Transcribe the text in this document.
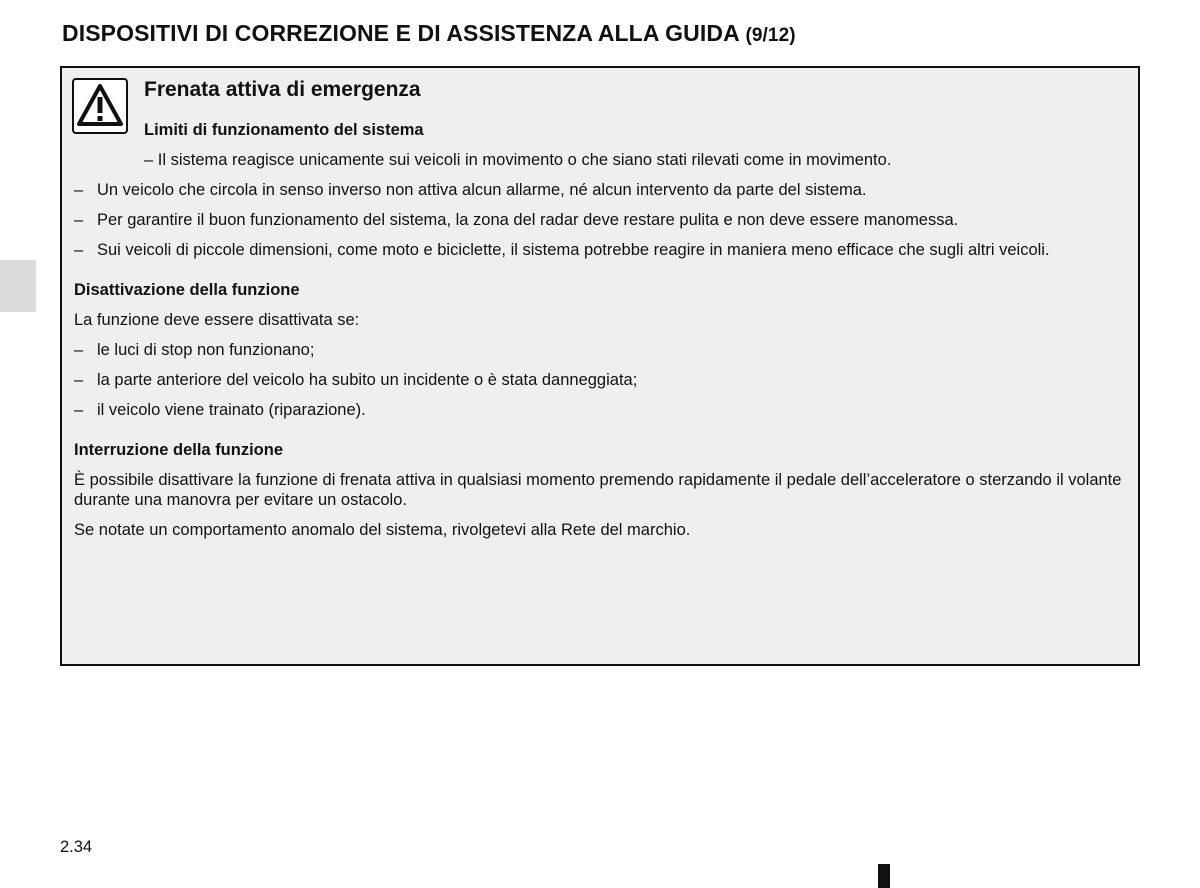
DISPOSITIVI DI CORREZIONE E DI ASSISTENZA ALLA GUIDA (9/12)
Frenata attiva di emergenza
Limiti di funzionamento del sistema

– Il sistema reagisce unicamente sui veicoli in movimento o che siano stati rilevati come in movimento.

– Un veicolo che circola in senso inverso non attiva alcun allarme, né alcun intervento da parte del sistema.
– Per garantire il buon funzionamento del sistema, la zona del radar deve restare pulita e non deve essere manomessa.
– Sui veicoli di piccole dimensioni, come moto e biciclette, il sistema potrebbe reagire in maniera meno efficace che sugli altri veicoli.

Disattivazione della funzione

La funzione deve essere disattivata se:

– le luci di stop non funzionano;
– la parte anteriore del veicolo ha subito un incidente o è stata danneggiata;
– il veicolo viene trainato (riparazione).

Interruzione della funzione

È possibile disattivare la funzione di frenata attiva in qualsiasi momento premendo rapidamente il pedale dell’acceleratore o sterzando il volante durante una manovra per evitare un ostacolo.

Se notate un comportamento anomalo del sistema, rivolgetevi alla Rete del marchio.

2.34
